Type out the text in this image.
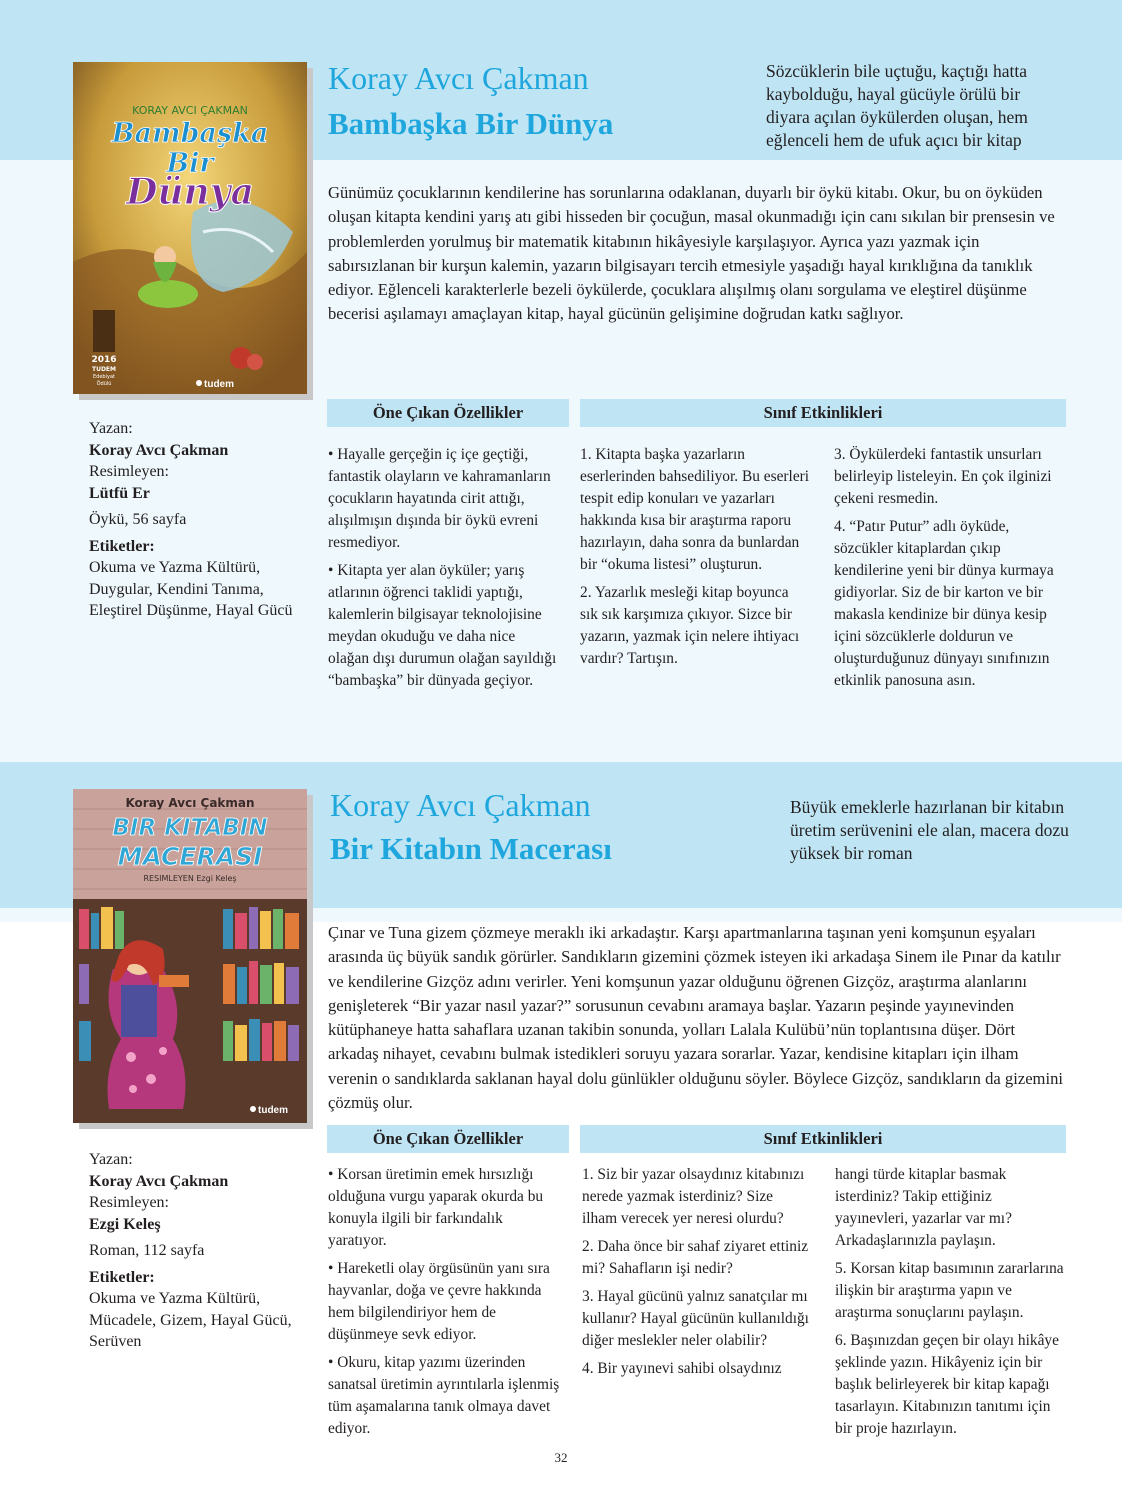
KORAY AVCI ÇAKMAN
Bambaşka
Bir
Dünya
2016
TUDEM
Edebiyat
Ödülü	tudem
Koray Avcı Çakman
Bambaşka Bir Dünya
Sözcüklerin bile uçtuğu, kaçtığı hatta kaybolduğu, hayal gücüyle örülü bir diyara açılan öykülerden oluşan, hem eğlenceli hem de ufuk açıcı bir kitap
Günümüz çocuklarının kendilerine has sorunlarına odaklanan, duyarlı bir öykü kitabı. Okur, bu on öyküden oluşan kitapta kendini yarış atı gibi hisseden bir çocuğun, masal okunmadığı için canı sıkılan bir prensesin ve problemlerden yorulmuş bir matematik kitabının hikâyesiyle karşılaşıyor. Ayrıca yazı yazmak için sabırsızlanan bir kurşun kalemin, yazarın bilgisayarı tercih etmesiyle yaşadığı hayal kırıklığına da tanıklık ediyor. Eğlenceli karakterlerle bezeli öykülerde, çocuklara alışılmış olanı sorgulama ve eleştirel düşünme becerisi aşılamayı amaçlayan kitap, hayal gücünün gelişimine doğrudan katkı sağlıyor.
Yazan:
Koray Avcı Çakman
Resimleyen:
Lütfü Er
Öykü, 56 sayfa
Etiketler:
Okuma ve Yazma Kültürü, Duygular, Kendini Tanıma, Eleştirel Düşünme, Hayal Gücü
Öne Çıkan Özellikler	Sınıf Etkinlikleri

• Hayalle gerçeğin iç içe geçtiği, fantastik olayların ve kahramanların çocukların hayatında cirit attığı, alışılmışın dışında bir öykü evreni resmediyor.

• Kitapta yer alan öyküler; yarış atlarının öğrenci taklidi yaptığı, kalemlerin bilgisayar teknolojisine meydan okuduğu ve daha nice olağan dışı durumun olağan sayıldığı “bambaşka” bir dünyada geçiyor.

1. Kitapta başka yazarların eserlerinden bahsediliyor. Bu eserleri tespit edip konuları ve yazarları hakkında kısa bir araştırma raporu hazırlayın, daha sonra da bunlardan bir “okuma listesi” oluşturun.

2. Yazarlık mesleği kitap boyunca sık sık karşımıza çıkıyor. Sizce bir yazarın, yazmak için nelere ihtiyacı vardır? Tartışın.

3. Öykülerdeki fantastik unsurları belirleyip listeleyin. En çok ilginizi çekeni resmedin.

4. “Patır Putur” adlı öyküde, sözcükler kitaplardan çıkıp kendilerine yeni bir dünya kurmaya gidiyorlar. Siz de bir karton ve bir makasla kendinize bir dünya kesip içini sözcüklerle doldurun ve oluşturduğunuz dünyayı sınıfınızın etkinlik panosuna asın.

Koray Avcı Çakman
BIR KITABIN
MACERASI
RESIMLEYEN Ezgi Keleş
tudem
Koray Avcı Çakman
Bir Kitabın Macerası
Büyük emeklerle hazırlanan bir kitabın üretim serüvenini ele alan, macera dozu yüksek bir roman
Çınar ve Tuna gizem çözmeye meraklı iki arkadaştır. Karşı apartmanlarına taşınan yeni komşunun eşyaları arasında üç büyük sandık görürler. Sandıkların gizemini çözmek isteyen iki arkadaşa Sinem ile Pınar da katılır ve kendilerine Gizçöz adını verirler. Yeni komşunun yazar olduğunu öğrenen Gizçöz, araştırma alanlarını genişleterek “Bir yazar nasıl yazar?” sorusunun cevabını aramaya başlar. Yazarın peşinde yayınevinden kütüphaneye hatta sahaflara uzanan takibin sonunda, yolları Lalala Kulübü’nün toplantısına düşer. Dört arkadaş nihayet, cevabını bulmak istedikleri soruyu yazara sorarlar. Yazar, kendisine kitapları için ilham verenin o sandıklarda saklanan hayal dolu günlükler olduğunu söyler. Böylece Gizçöz, sandıkların da gizemini çözmüş olur.
Yazan:
Koray Avcı Çakman
Resimleyen:
Ezgi Keleş
Roman, 112 sayfa
Etiketler:
Okuma ve Yazma Kültürü, Mücadele, Gizem, Hayal Gücü, Serüven
Öne Çıkan Özellikler	Sınıf Etkinlikleri

• Korsan üretimin emek hırsızlığı olduğuna vurgu yaparak okurda bu konuyla ilgili bir farkındalık yaratıyor.

• Hareketli olay örgüsünün yanı sıra hayvanlar, doğa ve çevre hakkında hem bilgilendiriyor hem de düşünmeye sevk ediyor.

• Okuru, kitap yazımı üzerinden sanatsal üretimin ayrıntılarla işlenmiş tüm aşamalarına tanık olmaya davet ediyor.

1. Siz bir yazar olsaydınız kitabınızı nerede yazmak isterdiniz? Size ilham verecek yer neresi olurdu?

2. Daha önce bir sahaf ziyaret ettiniz mi? Sahafların işi nedir?

3. Hayal gücünü yalnız sanatçılar mı kullanır? Hayal gücünün kullanıldığı diğer meslekler neler olabilir?

4. Bir yayınevi sahibi olsaydınız

hangi türde kitaplar basmak isterdiniz? Takip ettiğiniz yayınevleri, yazarlar var mı? Arkadaşlarınızla paylaşın.

5. Korsan kitap basımının zararlarına ilişkin bir araştırma yapın ve araştırma sonuçlarını paylaşın.

6. Başınızdan geçen bir olayı hikâye şeklinde yazın. Hikâyeniz için bir başlık belirleyerek bir kitap kapağı tasarlayın. Kitabınızın tanıtımı için bir proje hazırlayın.

32
